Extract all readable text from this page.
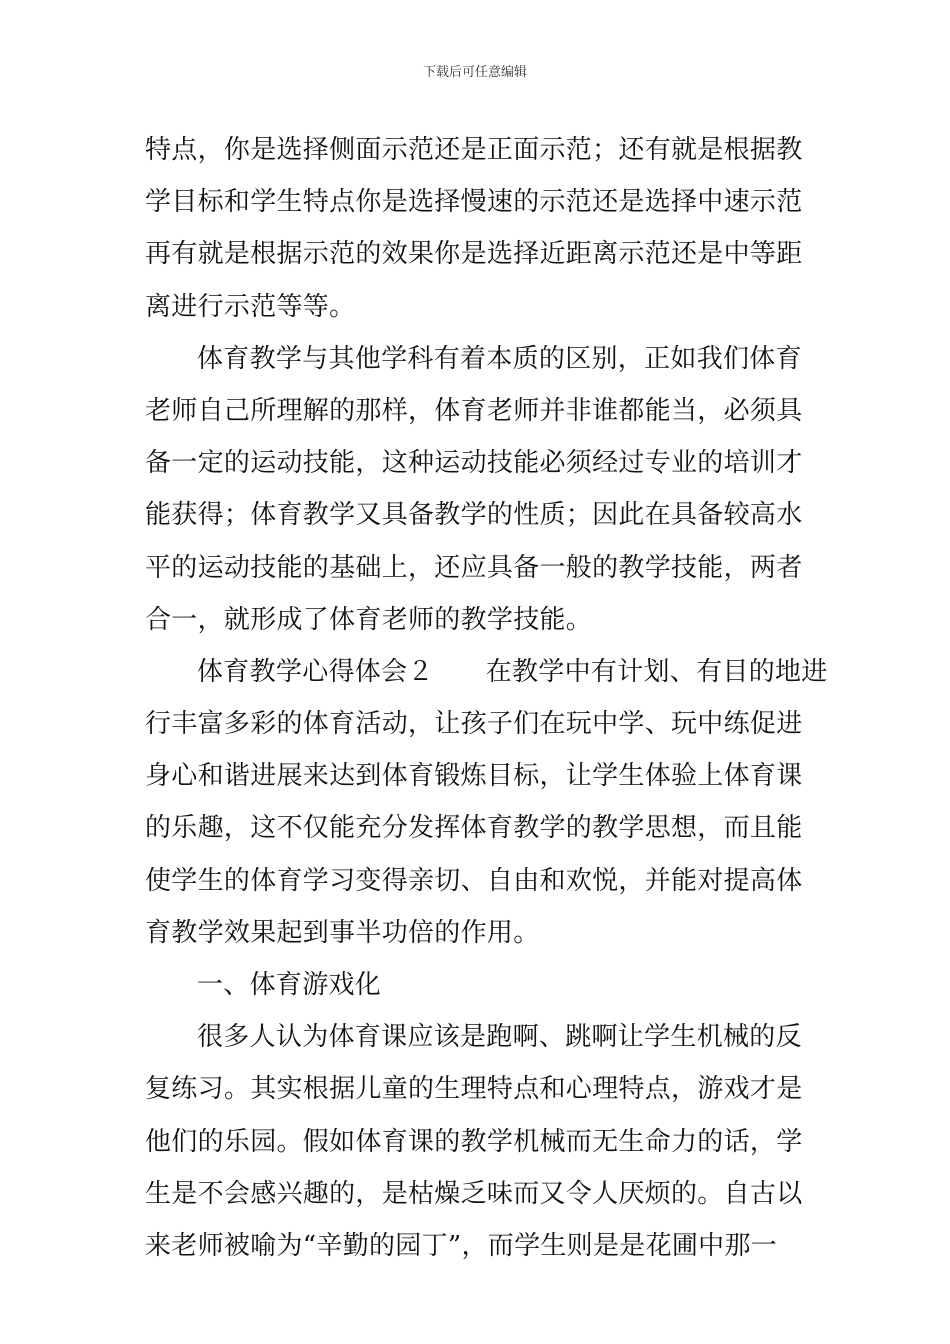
下载后可任意编辑
特点，你是选择侧面示范还是正面示范；还有就是根据教
学目标和学生特点你是选择慢速的示范还是选择中速示范
再有就是根据示范的效果你是选择近距离示范还是中等距
离进行示范等等。
体育教学与其他学科有着本质的区别，正如我们体育
老师自己所理解的那样，体育老师并非谁都能当，必须具
备一定的运动技能，这种运动技能必须经过专业的培训才
能获得；体育教学又具备教学的性质；因此在具备较高水
平的运动技能的基础上，还应具备一般的教学技能，两者
合一，就形成了体育老师的教学技能。
体育教学心得体会２ 在教学中有计划、有目的地进
行丰富多彩的体育活动，让孩子们在玩中学、玩中练促进
身心和谐进展来达到体育锻炼目标，让学生体验上体育课
的乐趣，这不仅能充分发挥体育教学的教学思想，而且能
使学生的体育学习变得亲切、自由和欢悦，并能对提高体
育教学效果起到事半功倍的作用。
一、体育游戏化
很多人认为体育课应该是跑啊、跳啊让学生机械的反
复练习。其实根据儿童的生理特点和心理特点，游戏才是
他们的乐园。假如体育课的教学机械而无生命力的话，学
生是不会感兴趣的，是枯燥乏味而又令人厌烦的。自古以
来老师被喻为“辛勤的园丁”，而学生则是是花圃中那一
